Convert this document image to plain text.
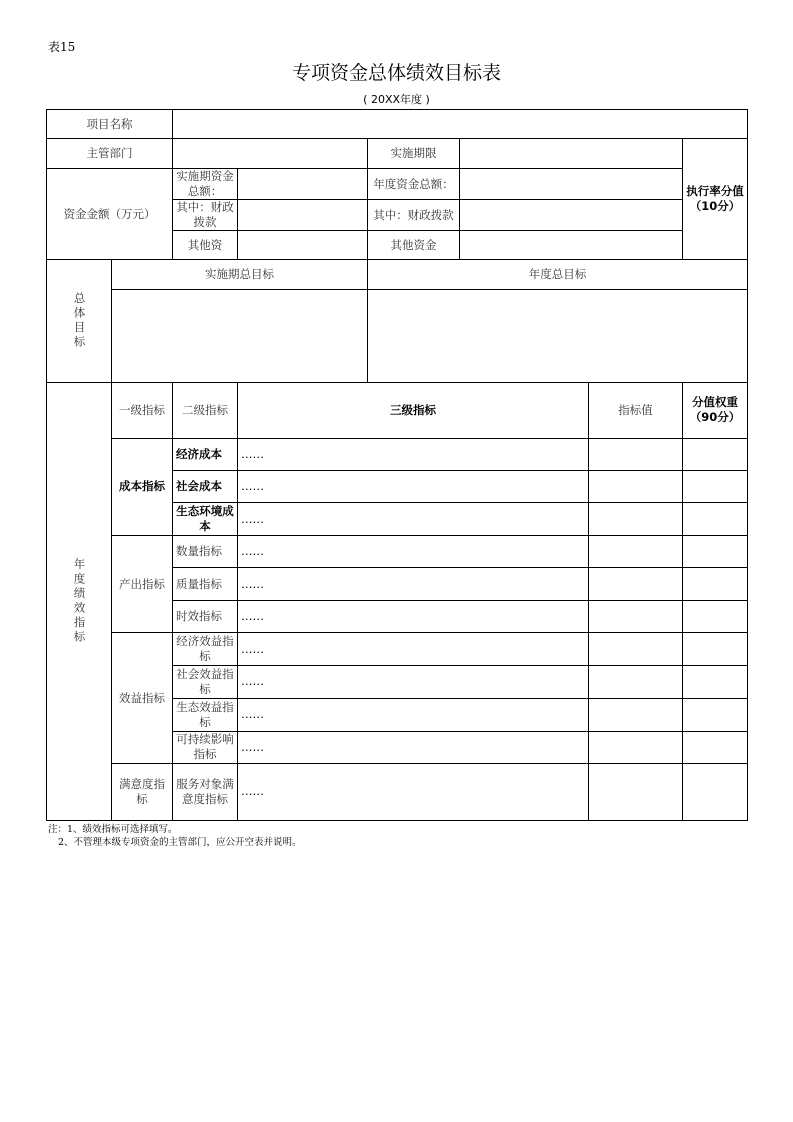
表15
专项资金总体绩效目标表
( 20XX年度 )
项目名称							
主管部门				实施期限			执行率分值（10分）
资金金额（万元）		实施期资金总额：		年度资金总额：			
		其中：财政拨款		其中：财政拨款			
		其他资		其他资金			

总体目标	实施期总目标			年度总目标			

年度绩效指标	一级指标	二级指标	三级指标			指标值	分值权重（90分）
	成本指标	经济成本	……				
		社会成本	……				
		生态环境成本	……				
	产出指标	数量指标	……				
		质量指标	……				
		时效指标	……				
	效益指标	经济效益指标	……				
		社会效益指标	……				
		生态效益指标	……				
		可持续影响指标	……				
	满意度指标	服务对象满意度指标	……				
注：1、绩效指标可选择填写。
2、不管理本级专项资金的主管部门，应公开空表并说明。
